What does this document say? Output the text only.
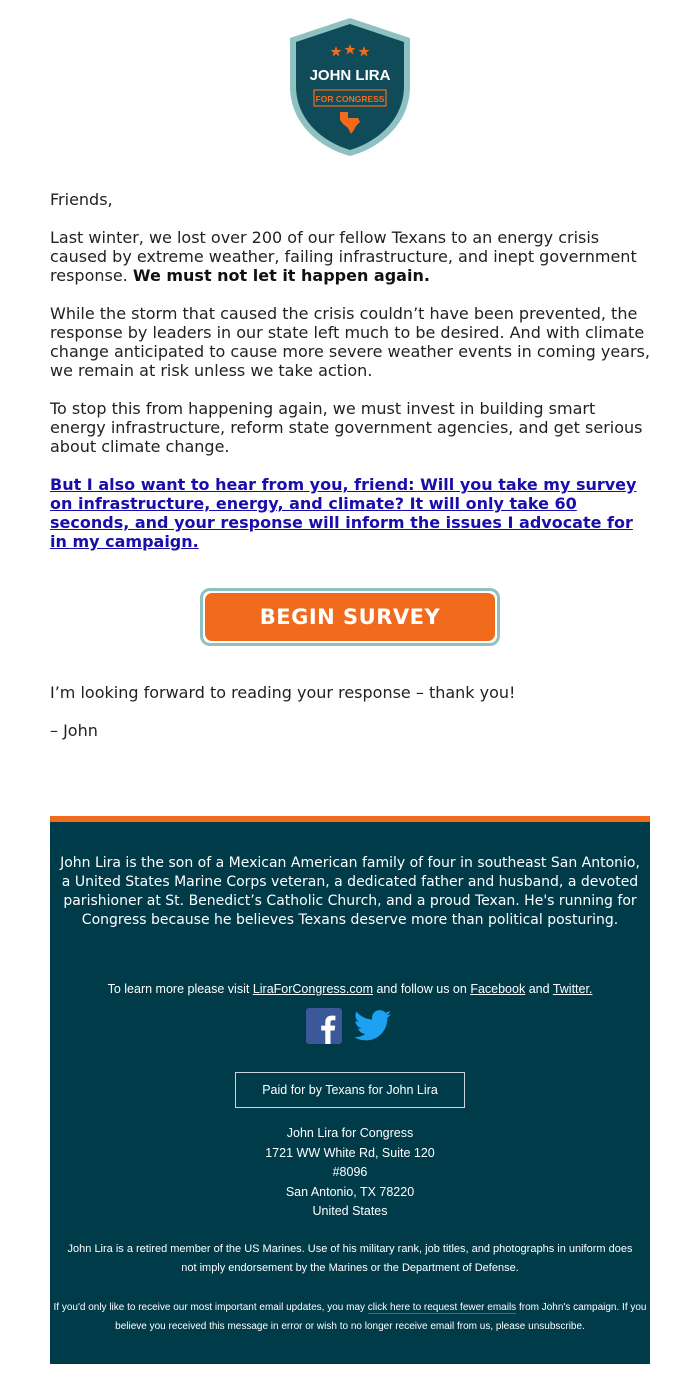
JOHN LIRA
FOR CONGRESS

Friends,

Last winter, we lost over 200 of our fellow Texans to an energy crisis caused by extreme weather, failing infrastructure, and inept government response. We must not let it happen again.

While the storm that caused the crisis couldn’t have been prevented, the response by leaders in our state left much to be desired. And with climate change anticipated to cause more severe weather events in coming years, we remain at risk unless we take action.

To stop this from happening again, we must invest in building smart energy infrastructure, reform state government agencies, and get serious about climate change.

But I also want to hear from you, friend: Will you take my survey on infrastructure, energy, and climate? It will only take 60 seconds, and your response will inform the issues I advocate for in my campaign.

BEGIN SURVEY

I’m looking forward to reading your response – thank you!

– John

John Lira is the son of a Mexican American family of four in southeast San Antonio, a United States Marine Corps veteran, a dedicated father and husband, a devoted parishioner at St. Benedict’s Catholic Church, and a proud Texan. He's running for Congress because he believes Texans deserve more than political posturing.
To learn more please visit LiraForCongress.com and follow us on Facebook and Twitter.
Paid for by Texans for John Lira
John Lira for Congress
1721 WW White Rd, Suite 120
#8096
San Antonio, TX 78220
United States
John Lira is a retired member of the US Marines. Use of his military rank, job titles, and photographs in uniform does not imply endorsement by the Marines or the Department of Defense.
If you'd only like to receive our most important email updates, you may click here to request fewer emails from John's campaign. If you believe you received this message in error or wish to no longer receive email from us, please unsubscribe.
